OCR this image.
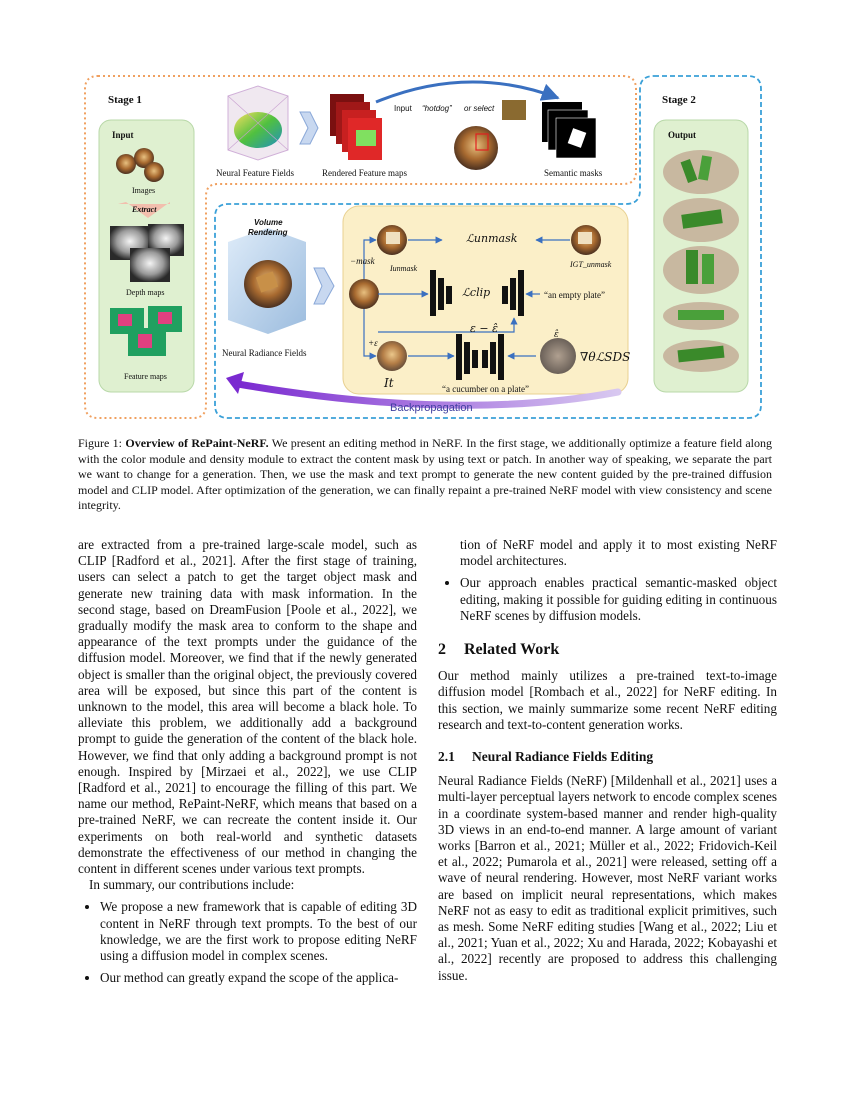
Stage 1	Stage 2
Input	Output
Images
Extract
Depth maps
Feature maps
Neural Feature Fields	Rendered Feature maps
Input “hotdog” or select
Semantic masks
Volume
Rendering
Neural Radiance Fields
−mask
ℒunmask
Iunmask	IGT_unmask
ℒclip	“an empty plate”
ε − ε̂
+ε
ε̂
∇θℒSDS
It	“a cucumber on a plate”
Backpropagation
Figure 1: Overview of RePaint-NeRF. We present an editing method in NeRF. In the first stage, we additionally optimize a feature field along with the color module and density module to extract the content mask by using text or patch. In another way of speaking, we separate the part we want to change for a generation. Then, we use the mask and text prompt to generate the new content guided by the pre-trained diffusion model and CLIP model. After optimization of the generation, we can finally repaint a pre-trained NeRF model with view consistency and scene integrity.

are extracted from a pre-trained large-scale model, such as CLIP [Radford et al., 2021]. After the first stage of training, users can select a patch to get the target object mask and generate new training data with mask information. In the second stage, based on DreamFusion [Poole et al., 2022], we gradually modify the mask area to conform to the shape and appearance of the text prompts under the guidance of the diffusion model. Moreover, we find that if the newly generated object is smaller than the original object, the previously covered area will be exposed, but since this part of the content is unknown to the model, this area will become a black hole. To alleviate this problem, we additionally add a background prompt to guide the generation of the content of the black hole. However, we find that only adding a background prompt is not enough. Inspired by [Mirzaei et al., 2022], we use CLIP [Radford et al., 2021] to encourage the filling of this part. We name our method, RePaint-NeRF, which means that based on a pre-trained NeRF, we can recreate the content inside it. Our experiments on both real-world and synthetic datasets demonstrate the effectiveness of our method in changing the content in different scenes under various text prompts.

In summary, our contributions include:

• We propose a new framework that is capable of editing 3D content in NeRF through text prompts. To the best of our knowledge, we are the first work to propose editing NeRF using a diffusion model in complex scenes.
• Our method can greatly expand the scope of the applica-

tion of NeRF model and apply it to most existing NeRF model architectures.

• Our approach enables practical semantic-masked object editing, making it possible for guiding editing in continuous NeRF scenes by diffusion models.
2 Related Work

Our method mainly utilizes a pre-trained text-to-image diffusion model [Rombach et al., 2022] for NeRF editing. In this section, we mainly summarize some recent NeRF editing research and text-to-content generation works.

2.1 Neural Radiance Fields Editing

Neural Radiance Fields (NeRF) [Mildenhall et al., 2021] uses a multi-layer perceptual layers network to encode complex scenes in a coordinate system-based manner and render high-quality 3D views in an end-to-end manner. A large amount of variant works [Barron et al., 2021; Müller et al., 2022; Fridovich-Keil et al., 2022; Pumarola et al., 2021] were released, setting off a wave of neural rendering. However, most NeRF variant works are based on implicit neural representations, which makes NeRF not as easy to edit as traditional explicit primitives, such as mesh. Some NeRF editing studies [Wang et al., 2022; Liu et al., 2021; Yuan et al., 2022; Xu and Harada, 2022; Kobayashi et al., 2022] recently are proposed to address this challenging issue.
